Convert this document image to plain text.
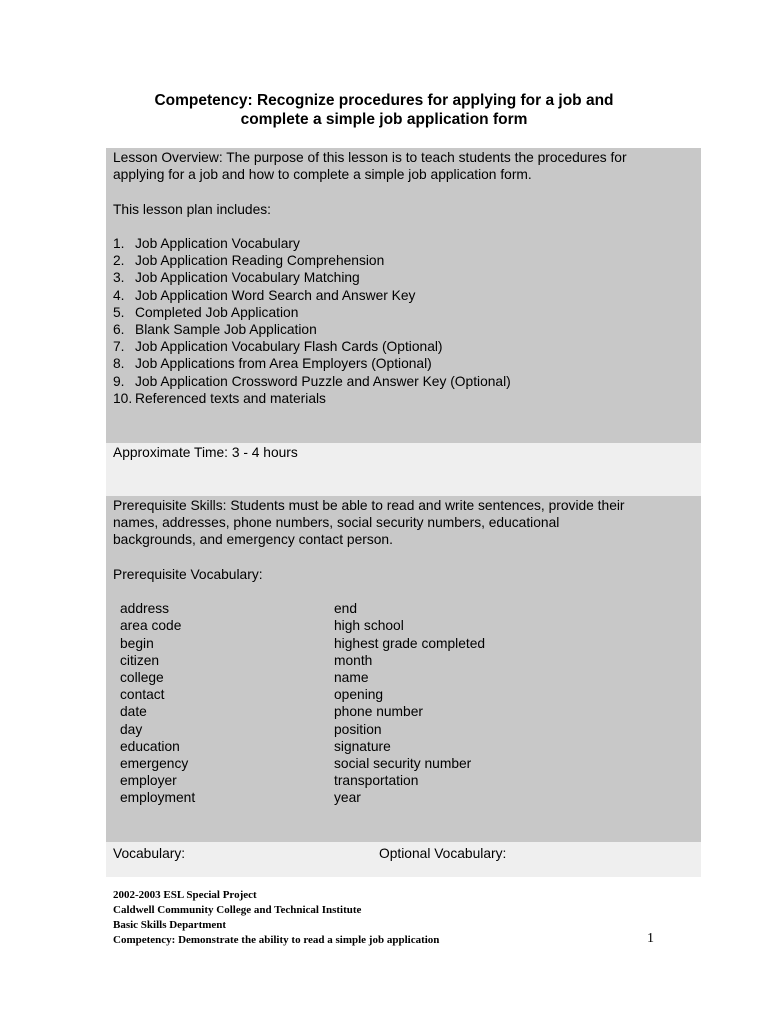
Competency: Recognize procedures for applying for a job and
complete a simple job application form

Lesson Overview: The purpose of this lesson is to teach students the procedures for

applying for a job and how to complete a simple job application form.

This lesson plan includes:

1. Job Application Vocabulary
2. Job Application Reading Comprehension
3. Job Application Vocabulary Matching
4. Job Application Word Search and Answer Key
5. Completed Job Application
6. Blank Sample Job Application
7. Job Application Vocabulary Flash Cards (Optional)
8. Job Applications from Area Employers (Optional)
9. Job Application Crossword Puzzle and Answer Key (Optional)
10. Referenced texts and materials

Approximate Time: 3 - 4 hours

Prerequisite Skills: Students must be able to read and write sentences, provide their

names, addresses, phone numbers, social security numbers, educational

backgrounds, and emergency contact person.

Prerequisite Vocabulary:

address
area code
begin
citizen
college
contact
date
day
education
emergency
employer
employment
end
high school
highest grade completed
month
name
opening
phone number
position
signature
social security number
transportation
year
Vocabulary:	Optional Vocabulary:
2002-2003 ESL Special Project
Caldwell Community College and Technical Institute
Basic Skills Department
Competency: Demonstrate the ability to read a simple job application	1
